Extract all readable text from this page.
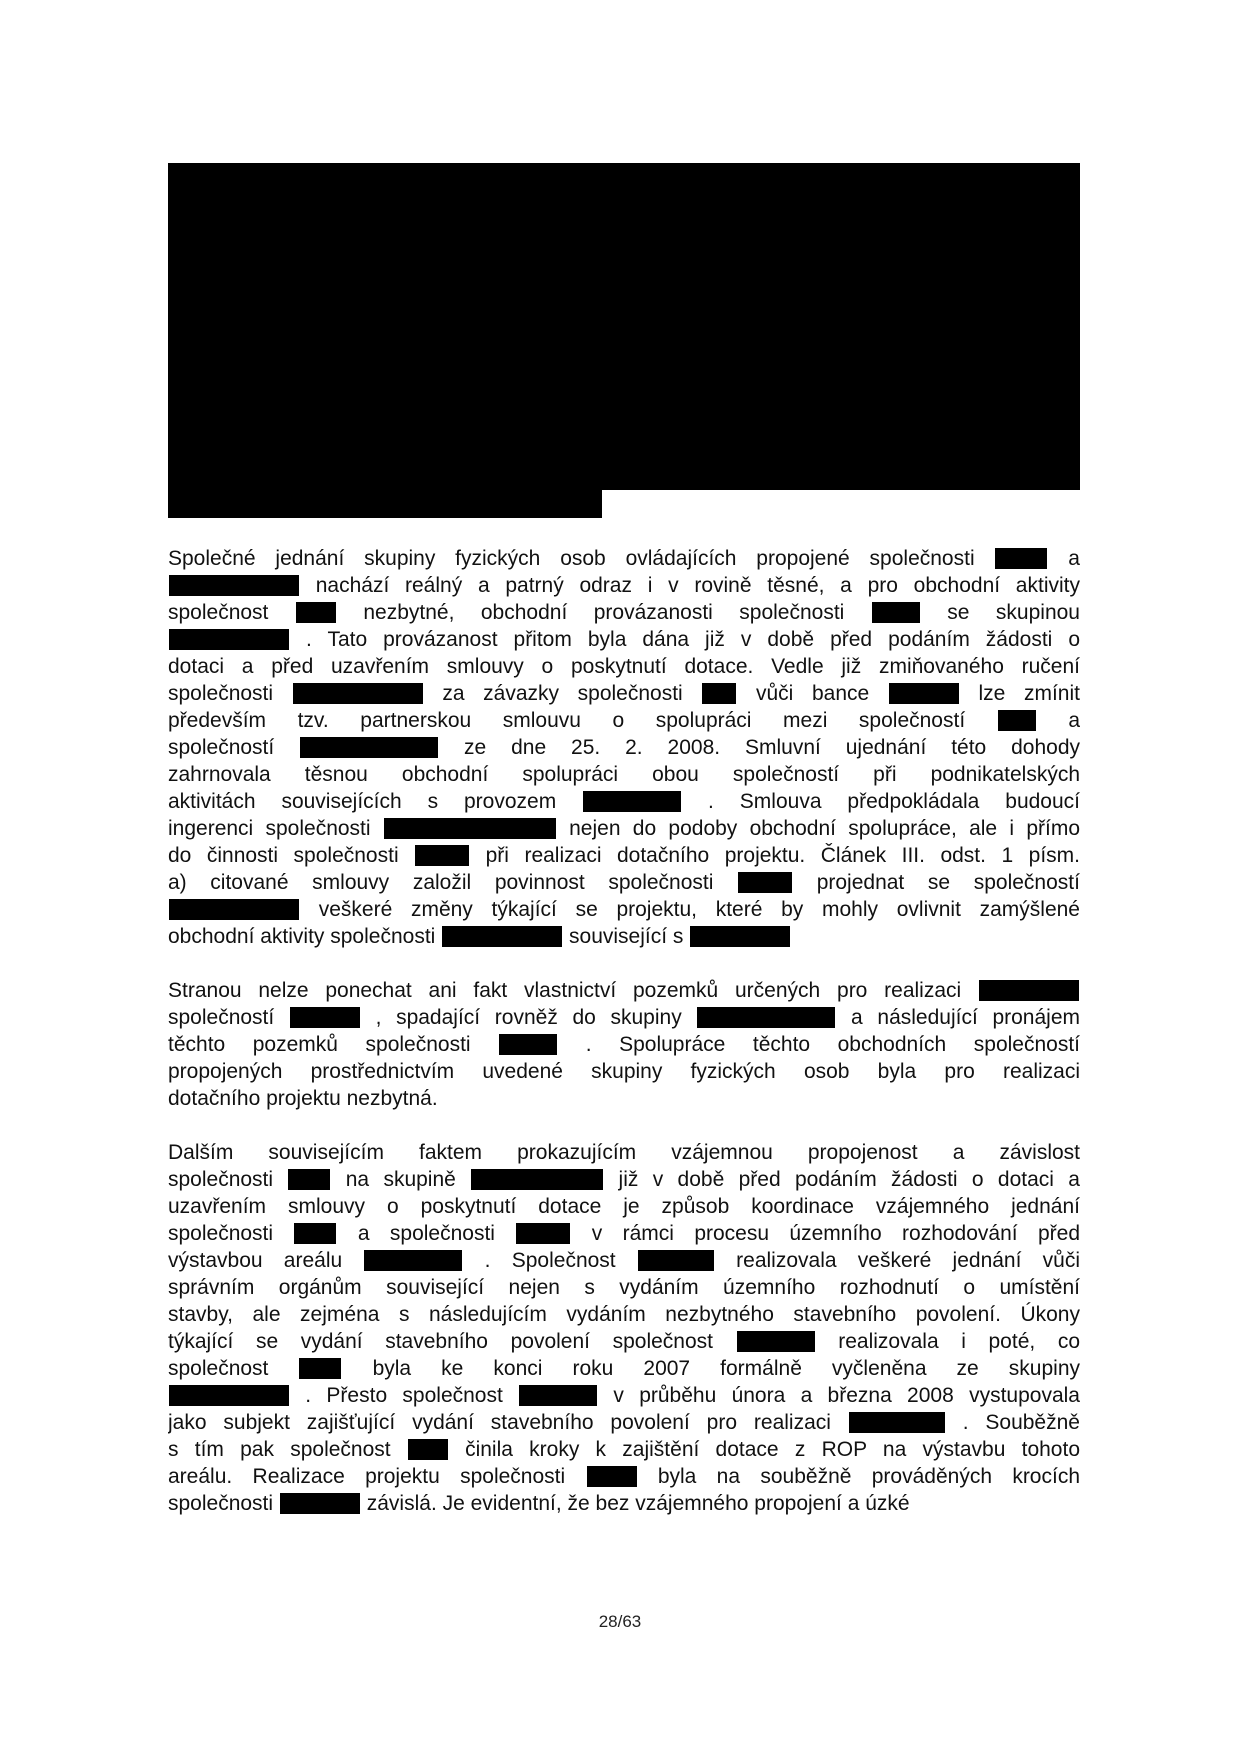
Společné jednání skupiny fyzických osob ovládajících propojené společnosti	a
nachází reálný a patrný odraz i v rovině těsné, a pro obchodní aktivity
společnost	nezbytné, obchodní provázanosti společnosti	se skupinou
. Tato provázanost přitom byla dána již v době před podáním žádosti o
dotaci a před uzavřením smlouvy o poskytnutí dotace. Vedle již zmiňovaného ručení
společnosti	za závazky společnosti	vůči bance	lze zmínit
především tzv. partnerskou smlouvu o spolupráci mezi společností	a
společností	ze dne 25. 2. 2008. Smluvní ujednání této dohody
zahrnovala těsnou obchodní spolupráci obou společností při podnikatelských
aktivitách souvisejících s provozem	. Smlouva předpokládala budoucí
ingerenci společnosti	nejen do podoby obchodní spolupráce, ale i přímo
do činnosti společnosti	při realizaci dotačního projektu. Článek III. odst. 1 písm.
a) citované smlouvy založil povinnost společnosti	projednat se společností
veškeré změny týkající se projektu, které by mohly ovlivnit zamýšlené
obchodní aktivity společnosti	související s
Stranou nelze ponechat ani fakt vlastnictví pozemků určených pro realizaci
společností	, spadající rovněž do skupiny	a následující pronájem
těchto pozemků společnosti	. Spolupráce těchto obchodních společností
propojených prostřednictvím uvedené skupiny fyzických osob byla pro realizaci
dotačního projektu nezbytná.
Dalším souvisejícím faktem prokazujícím vzájemnou propojenost a závislost
společnosti	na skupině	již v době před podáním žádosti o dotaci a
uzavřením smlouvy o poskytnutí dotace je způsob koordinace vzájemného jednání
společnosti	a společnosti	v rámci procesu územního rozhodování před
výstavbou areálu	. Společnost	realizovala veškeré jednání vůči
správním orgánům související nejen s vydáním územního rozhodnutí o umístění
stavby, ale zejména s následujícím vydáním nezbytného stavebního povolení. Úkony
týkající se vydání stavebního povolení společnost	realizovala i poté, co
společnost	byla ke konci roku 2007 formálně vyčleněna ze skupiny
. Přesto společnost	v průběhu února a března 2008 vystupovala
jako subjekt zajišťující vydání stavebního povolení pro realizaci	. Souběžně
s tím pak společnost	činila kroky k zajištění dotace z ROP na výstavbu tohoto
areálu. Realizace projektu společnosti	byla na souběžně prováděných krocích
společnosti	závislá. Je evidentní, že bez vzájemného propojení a úzké
28/63
